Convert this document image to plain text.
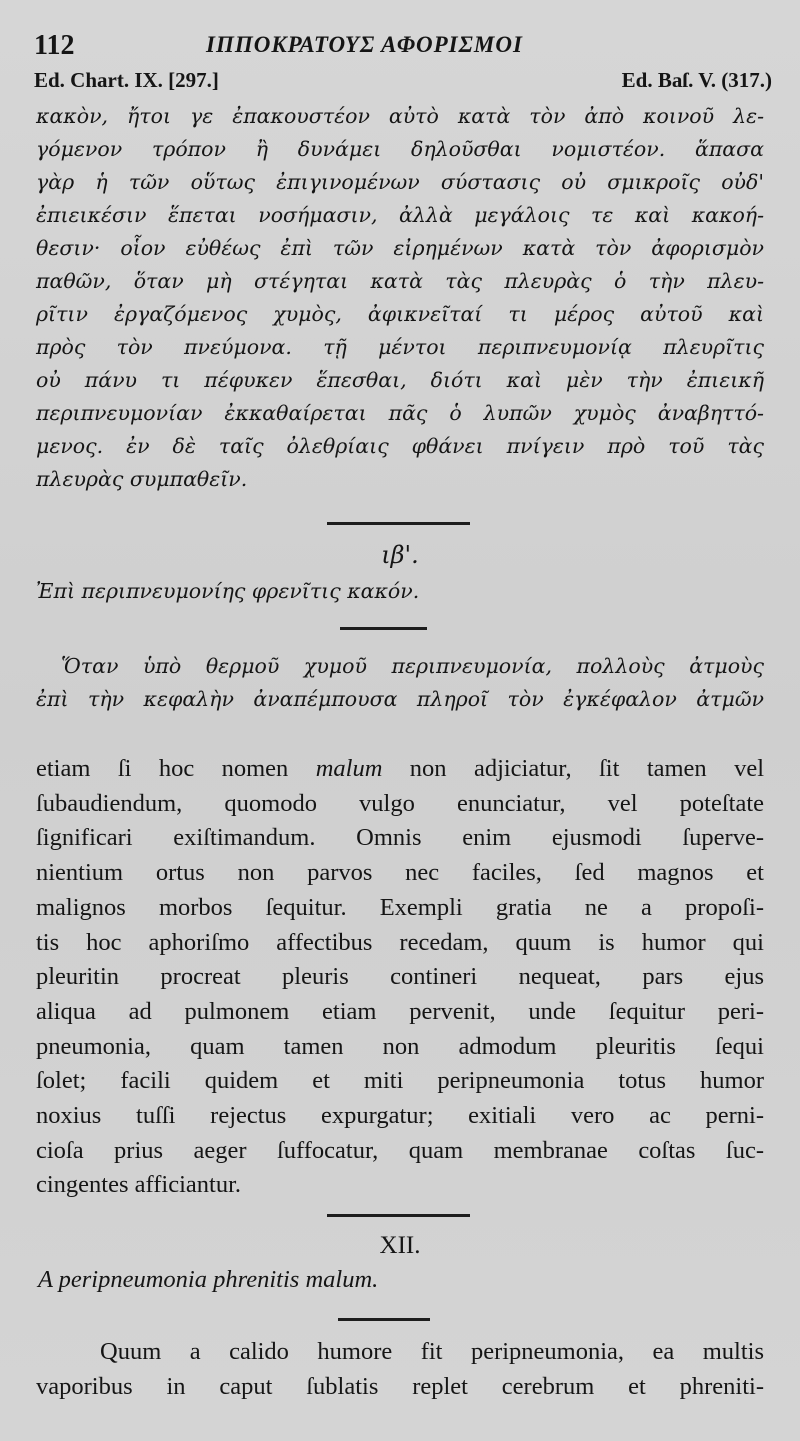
112	ΙΠΠΟΚΡΑΤΟΥΣ ΑΦΟΡΙΣΜΟΙ
Ed. Chart. IX. [297.]	Ed. Baſ. V. (317.)
κακὸν, ἤτοι γε ἐπακουστέον αὐτὸ κατὰ τὸν ἀπὸ κοινοῦ λε-
γόμενον τρόπον ἢ δυνάμει δηλοῦσθαι νομιστέον. ἅπασα
γὰρ ἡ τῶν οὕτως ἐπιγινομένων σύστασις οὐ σμικροῖς οὐδ'
ἐπιεικέσιν ἕπεται νοσήμασιν, ἀλλὰ μεγάλοις τε καὶ κακοή-
θεσιν· οἷον εὐθέως ἐπὶ τῶν εἰρημένων κατὰ τὸν ἀφορισμὸν
παθῶν, ὅταν μὴ στέγηται κατὰ τὰς πλευρὰς ὁ τὴν πλευ-
ρῖτιν ἐργαζόμενος χυμὸς, ἀφικνεῖταί τι μέρος αὐτοῦ καὶ
πρὸς τὸν πνεύμονα. τῇ μέντοι περιπνευμονίᾳ πλευρῖτις
οὐ πάνυ τι πέφυκεν ἕπεσθαι, διότι καὶ μὲν τὴν ἐπιεικῆ
περιπνευμονίαν ἐκκαθαίρεται πᾶς ὁ λυπῶν χυμὸς ἀναβηττό-
μενος. ἐν δὲ ταῖς ὀλεθρίαις φθάνει πνίγειν πρὸ τοῦ τὰς
πλευρὰς συμπαθεῖν.
ιβ'.
Ἐπὶ περιπνευμονίης φρενῖτις κακόν.
Ὅταν ὑπὸ θερμοῦ χυμοῦ περιπνευμονία, πολλοὺς ἀτμοὺς
ἐπὶ τὴν κεφαλὴν ἀναπέμπουσα πληροῖ τὸν ἐγκέφαλον ἀτμῶν
etiam ſi hoc nomen malum non adjiciatur, ſit tamen vel
ſubaudiendum, quomodo vulgo enunciatur, vel poteſtate
ſignificari exiſtimandum. Omnis enim ejusmodi ſuperve-
nientium ortus non parvos nec faciles, ſed magnos et
malignos morbos ſequitur. Exempli gratia ne a propoſi-
tis hoc aphoriſmo affectibus recedam, quum is humor qui
pleuritin procreat pleuris contineri nequeat, pars ejus
aliqua ad pulmonem etiam pervenit, unde ſequitur peri-
pneumonia, quam tamen non admodum pleuritis ſequi
ſolet; facili quidem et miti peripneumonia totus humor
noxius tuſſi rejectus expurgatur; exitiali vero ac perni-
cioſa prius aeger ſuffocatur, quam membranae coſtas ſuc-
cingentes afficiantur.
XII.
A peripneumonia phrenitis malum.
Quum a calido humore fit peripneumonia, ea multis
vaporibus in caput ſublatis replet cerebrum et phreniti-
